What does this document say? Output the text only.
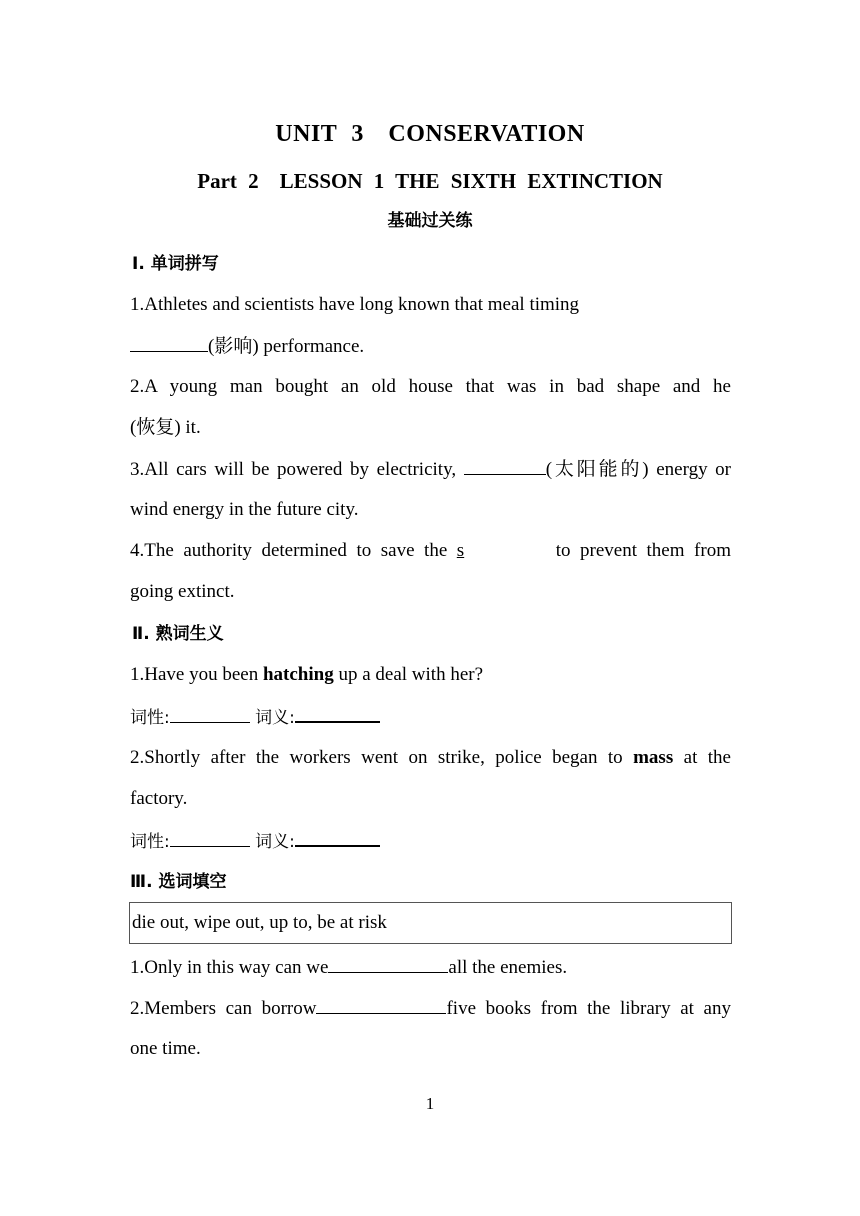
UNIT 3　CONSERVATION
Part 2　LESSON 1 THE SIXTH EXTINCTION
基础过关练
Ⅰ. 单词拼写
1.Athletes and scientists have long known that meal timing
(影响) performance.
2.A young man bought an old house that was in bad shape and he
(恢复) it.
3.All cars will be powered by electricity,	(太阳能的) energy or
wind energy in the future city.
4.The authority determined to save the s	to prevent them from
going extinct.
Ⅱ. 熟词生义
1.Have you been hatching up a deal with her?
词性:	词义:
2.Shortly after the workers went on strike, police began to mass at the
factory.
词性:	词义:
Ⅲ. 选词填空
die out, wipe out, up to, be at risk
1.Only in this way can we	all the enemies.
2.Members can borrow	five books from the library at any
one time.
1
